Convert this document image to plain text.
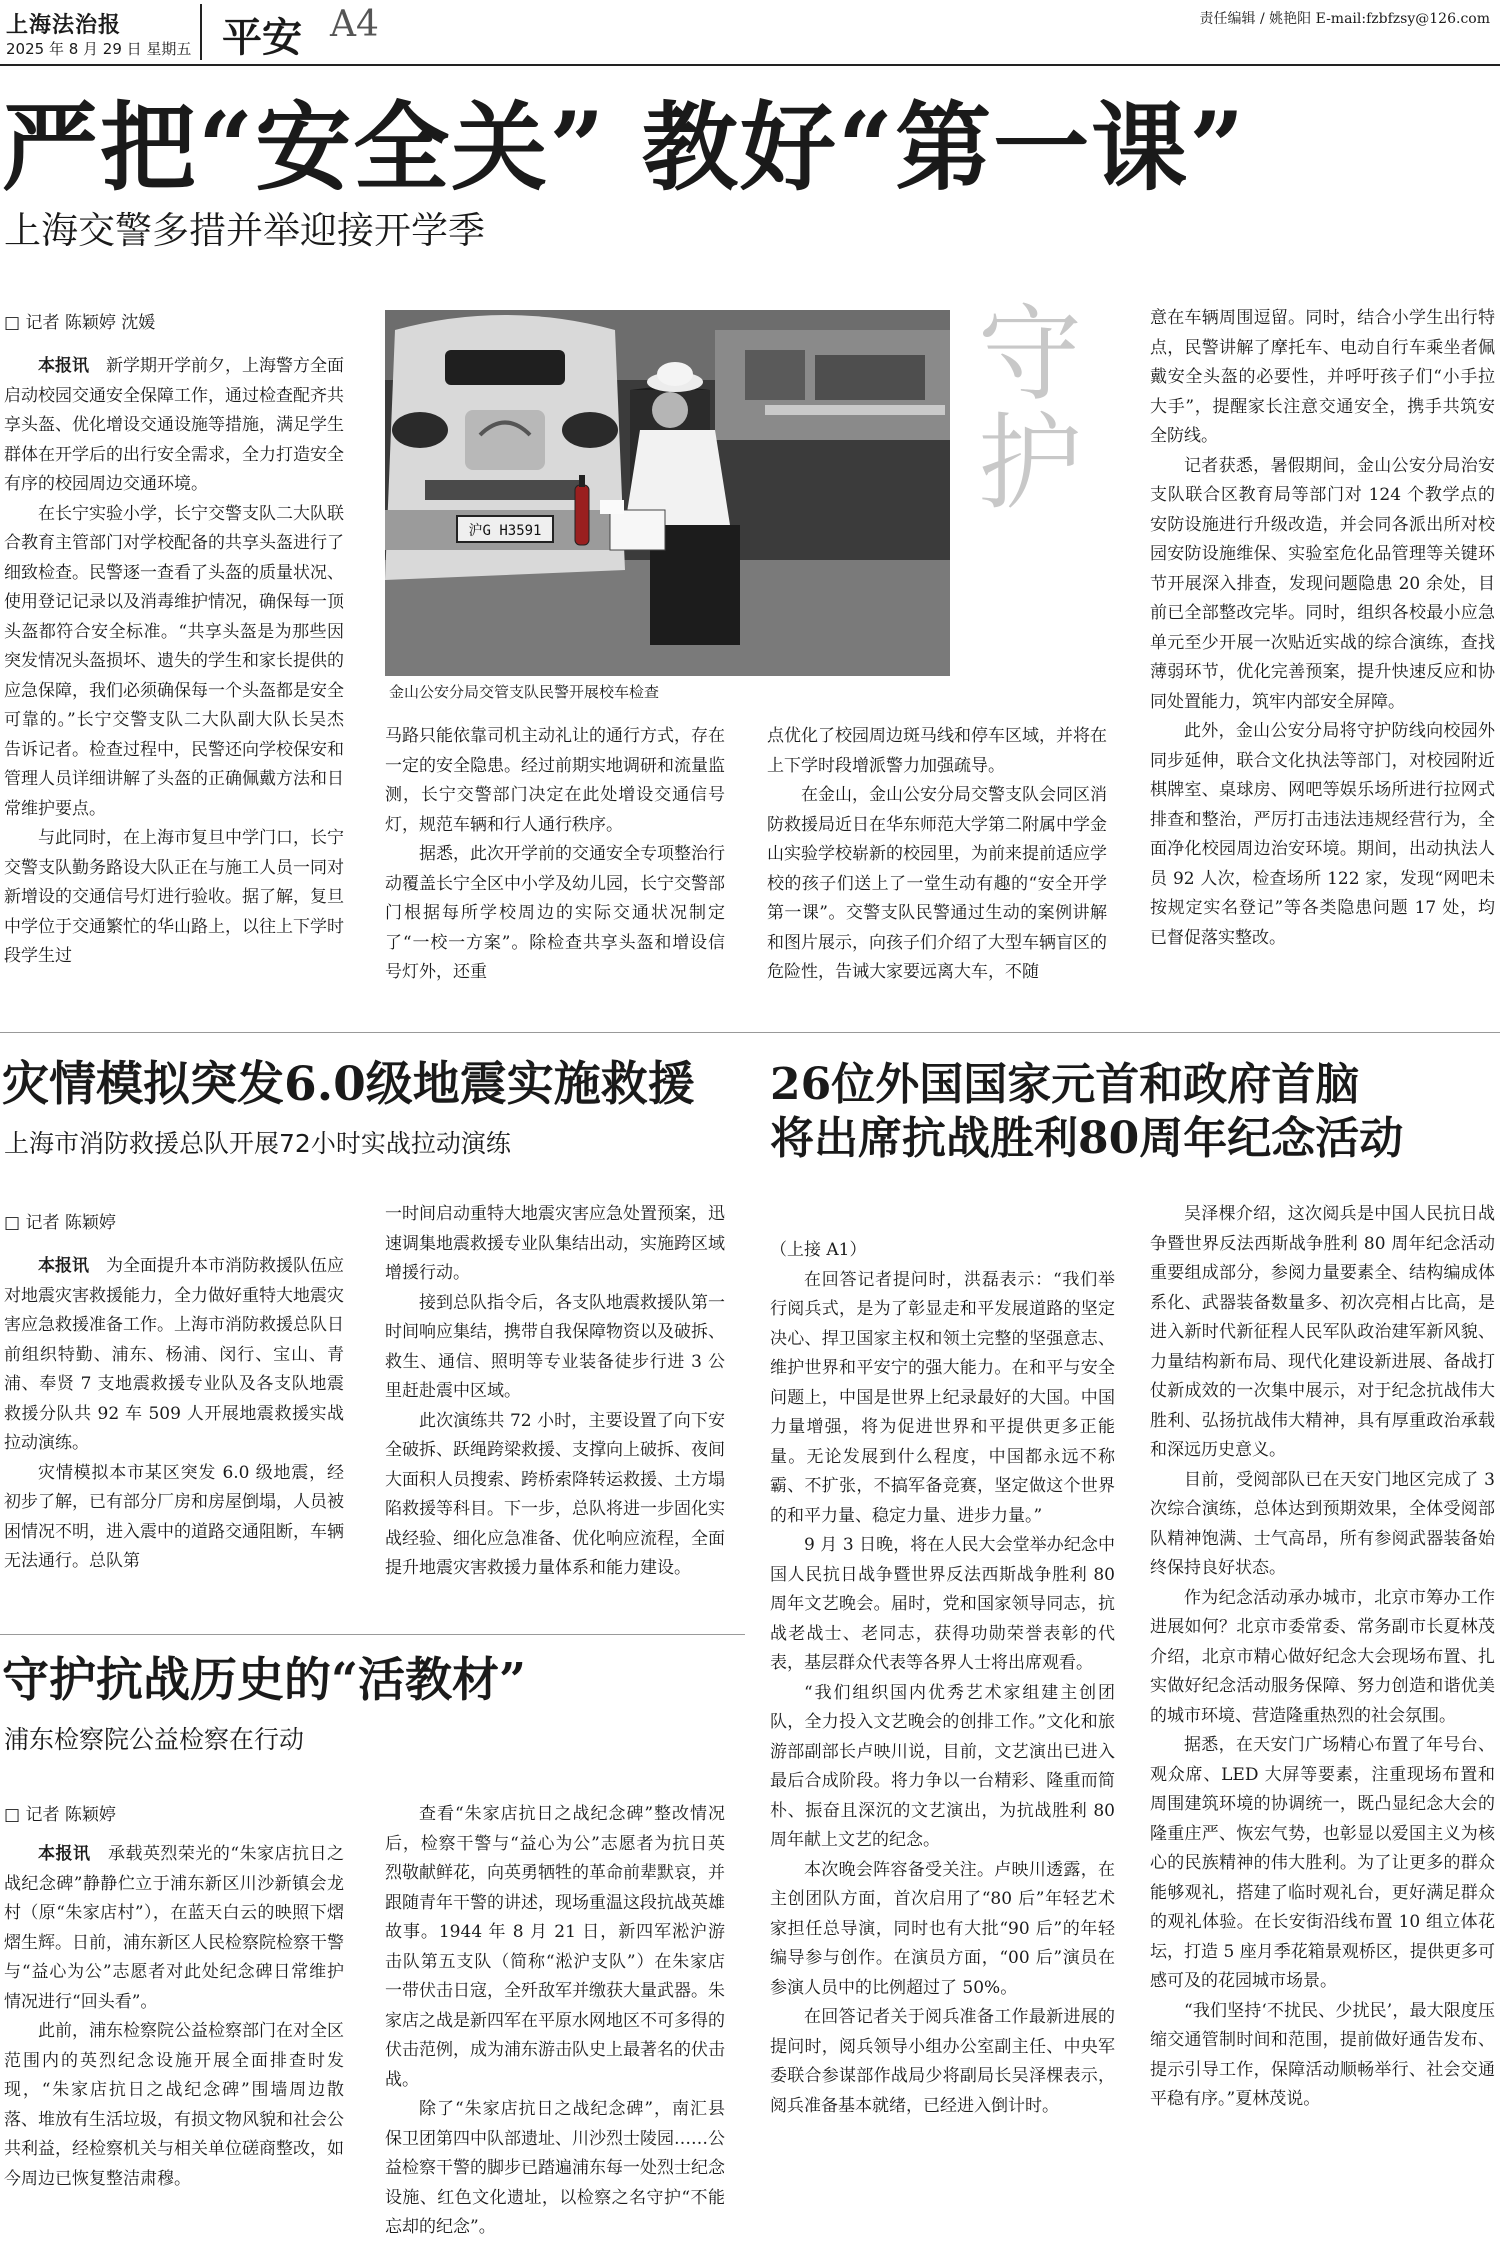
上海法治报
2025 年 8 月 29 日 星期五 平安 A4	责任编辑 / 姚艳阳 E-mail:fzbfzsy@126.com
严把“安全关” 教好“第一课”
上海交警多措并举迎接开学季
□ 记者 陈颖婷 沈媛

本报讯　 新学期开学前夕，上海警方全面启动校园交通安全保障工作，通过检查配齐共享头盔、优化增设交通设施等措施，满足学生群体在开学后的出行安全需求，全力打造安全有序的校园周边交通环境。

在长宁实验小学，长宁交警支队二大队联合教育主管部门对学校配备的共享头盔进行了细致检查。民警逐一查看了头盔的质量状况、使用登记记录以及消毒维护情况，确保每一顶头盔都符合安全标准。“共享头盔是为那些因突发情况头盔损坏、遗失的学生和家长提供的应急保障，我们必须确保每一个头盔都是安全可靠的。”长宁交警支队二大队副大队长吴杰告诉记者。检查过程中，民警还向学校保安和管理人员详细讲解了头盔的正确佩戴方法和日常维护要点。

与此同时，在上海市复旦中学门口，长宁交警支队勤务路设大队正在与施工人员一同对新增设的交通信号灯进行验收。据了解，复旦中学位于交通繁忙的华山路上，以往上下学时段学生过

沪G H3591
金山公安分局交管支队民警开展校车检查

马路只能依靠司机主动礼让的通行方式，存在一定的安全隐患。经过前期实地调研和流量监测，长宁交警部门决定在此处增设交通信号灯，规范车辆和行人通行秩序。

据悉，此次开学前的交通安全专项整治行动覆盖长宁全区中小学及幼儿园，长宁交警部门根据每所学校周边的实际交通状况制定了“一校一方案”。除检查共享头盔和增设信号灯外，还重

点优化了校园周边斑马线和停车区域，并将在上下学时段增派警力加强疏导。

在金山，金山公安分局交警支队会同区消防救援局近日在华东师范大学第二附属中学金山实验学校崭新的校园里，为前来提前适应学校的孩子们送上了一堂生动有趣的“安全开学第一课”。交警支队民警通过生动的案例讲解和图片展示，向孩子们介绍了大型车辆盲区的危险性，告诫大家要远离大车，不随

守
护

意在车辆周围逗留。同时，结合小学生出行特点，民警讲解了摩托车、电动自行车乘坐者佩戴安全头盔的必要性，并呼吁孩子们“小手拉大手”，提醒家长注意交通安全，携手共筑安全防线。

记者获悉，暑假期间，金山公安分局治安支队联合区教育局等部门对 124 个教学点的安防设施进行升级改造，并会同各派出所对校园安防设施维保、实验室危化品管理等关键环节开展深入排查，发现问题隐患 20 余处，目前已全部整改完毕。同时，组织各校最小应急单元至少开展一次贴近实战的综合演练，查找薄弱环节，优化完善预案，提升快速反应和协同处置能力，筑牢内部安全屏障。

此外，金山公安分局将守护防线向校园外同步延伸，联合文化执法等部门，对校园附近棋牌室、桌球房、网吧等娱乐场所进行拉网式排查和整治，严厉打击违法违规经营行为，全面净化校园周边治安环境。期间，出动执法人员 92 人次，检查场所 122 家，发现“网吧未按规定实名登记”等各类隐患问题 17 处，均已督促落实整改。

灾情模拟突发6.0级地震实施救援
上海市消防救援总队开展72小时实战拉动演练
□ 记者 陈颖婷

本报讯　 为全面提升本市消防救援队伍应对地震灾害救援能力，全力做好重特大地震灾害应急救援准备工作。上海市消防救援总队日前组织特勤、浦东、杨浦、闵行、宝山、青浦、奉贤 7 支地震救援专业队及各支队地震救援分队共 92 车 509 人开展地震救援实战拉动演练。

灾情模拟本市某区突发 6.0 级地震，经初步了解，已有部分厂房和房屋倒塌，人员被困情况不明，进入震中的道路交通阻断，车辆无法通行。总队第

一时间启动重特大地震灾害应急处置预案，迅速调集地震救援专业队集结出动，实施跨区域增援行动。

接到总队指令后，各支队地震救援队第一时间响应集结，携带自我保障物资以及破拆、救生、通信、照明等专业装备徒步行进 3 公里赶赴震中区域。

此次演练共 72 小时，主要设置了向下安全破拆、跃绳跨梁救援、支撑向上破拆、夜间大面积人员搜索、跨桥索降转运救援、土方塌陷救援等科目。下一步，总队将进一步固化实战经验、细化应急准备、优化响应流程，全面提升地震灾害救援力量体系和能力建设。

守护抗战历史的“活教材”
浦东检察院公益检察在行动
□ 记者 陈颖婷

本报讯　 承载英烈荣光的“朱家店抗日之战纪念碑”静静伫立于浦东新区川沙新镇会龙村（原“朱家店村”），在蓝天白云的映照下熠熠生辉。日前，浦东新区人民检察院检察干警与“益心为公”志愿者对此处纪念碑日常维护情况进行“回头看”。

此前，浦东检察院公益检察部门在对全区范围内的英烈纪念设施开展全面排查时发现，“朱家店抗日之战纪念碑”围墙周边散落、堆放有生活垃圾，有损文物风貌和社会公共利益，经检察机关与相关单位磋商整改，如今周边已恢复整洁肃穆。

查看“朱家店抗日之战纪念碑”整改情况后，检察干警与“益心为公”志愿者为抗日英烈敬献鲜花，向英勇牺牲的革命前辈默哀，并跟随青年干警的讲述，现场重温这段抗战英雄故事。1944 年 8 月 21 日，新四军淞沪游击队第五支队（简称“淞沪支队”）在朱家店一带伏击日寇，全歼敌军并缴获大量武器。朱家店之战是新四军在平原水网地区不可多得的伏击范例，成为浦东游击队史上最著名的伏击战。

除了“朱家店抗日之战纪念碑”，南汇县保卫团第四中队部遗址、川沙烈士陵园……公益检察干警的脚步已踏遍浦东每一处烈士纪念设施、红色文化遗址，以检察之名守护“不能忘却的纪念”。

26位外国国家元首和政府首脑
将出席抗战胜利80周年纪念活动

（上接 A1）

在回答记者提问时，洪磊表示：“我们举行阅兵式，是为了彰显走和平发展道路的坚定决心、捍卫国家主权和领土完整的坚强意志、维护世界和平安宁的强大能力。在和平与安全问题上，中国是世界上纪录最好的大国。中国力量增强，将为促进世界和平提供更多正能量。无论发展到什么程度，中国都永远不称霸、不扩张，不搞军备竞赛，坚定做这个世界的和平力量、稳定力量、进步力量。”

9 月 3 日晚，将在人民大会堂举办纪念中国人民抗日战争暨世界反法西斯战争胜利 80 周年文艺晚会。届时，党和国家领导同志，抗战老战士、老同志，获得功勋荣誉表彰的代表，基层群众代表等各界人士将出席观看。

“我们组织国内优秀艺术家组建主创团队，全力投入文艺晚会的创排工作。”文化和旅游部副部长卢映川说，目前，文艺演出已进入最后合成阶段。将力争以一台精彩、隆重而简朴、振奋且深沉的文艺演出，为抗战胜利 80 周年献上文艺的纪念。

本次晚会阵容备受关注。卢映川透露，在主创团队方面，首次启用了“80 后”年轻艺术家担任总导演，同时也有大批“90 后”的年轻编导参与创作。在演员方面，“00 后”演员在参演人员中的比例超过了 50%。

在回答记者关于阅兵准备工作最新进展的提问时，阅兵领导小组办公室副主任、中央军委联合参谋部作战局少将副局长吴泽棵表示，阅兵准备基本就绪，已经进入倒计时。

吴泽棵介绍，这次阅兵是中国人民抗日战争暨世界反法西斯战争胜利 80 周年纪念活动重要组成部分，参阅力量要素全、结构编成体系化、武器装备数量多、初次亮相占比高，是进入新时代新征程人民军队政治建军新风貌、力量结构新布局、现代化建设新进展、备战打仗新成效的一次集中展示，对于纪念抗战伟大胜利、弘扬抗战伟大精神，具有厚重政治承载和深远历史意义。

目前，受阅部队已在天安门地区完成了 3 次综合演练，总体达到预期效果，全体受阅部队精神饱满、士气高昂，所有参阅武器装备始终保持良好状态。

作为纪念活动承办城市，北京市筹办工作进展如何？北京市委常委、常务副市长夏林茂介绍，北京市精心做好纪念大会现场布置、扎实做好纪念活动服务保障、努力创造和谐优美的城市环境、营造隆重热烈的社会氛围。

据悉，在天安门广场精心布置了年号台、观众席、LED 大屏等要素，注重现场布置和周围建筑环境的协调统一，既凸显纪念大会的隆重庄严、恢宏气势，也彰显以爱国主义为核心的民族精神的伟大胜利。为了让更多的群众能够观礼，搭建了临时观礼台，更好满足群众的观礼体验。在长安街沿线布置 10 组立体花坛，打造 5 座月季花箱景观桥区，提供更多可感可及的花园城市场景。

“我们坚持‘不扰民、少扰民’，最大限度压缩交通管制时间和范围，提前做好通告发布、提示引导工作，保障活动顺畅举行、社会交通平稳有序。”夏林茂说。
